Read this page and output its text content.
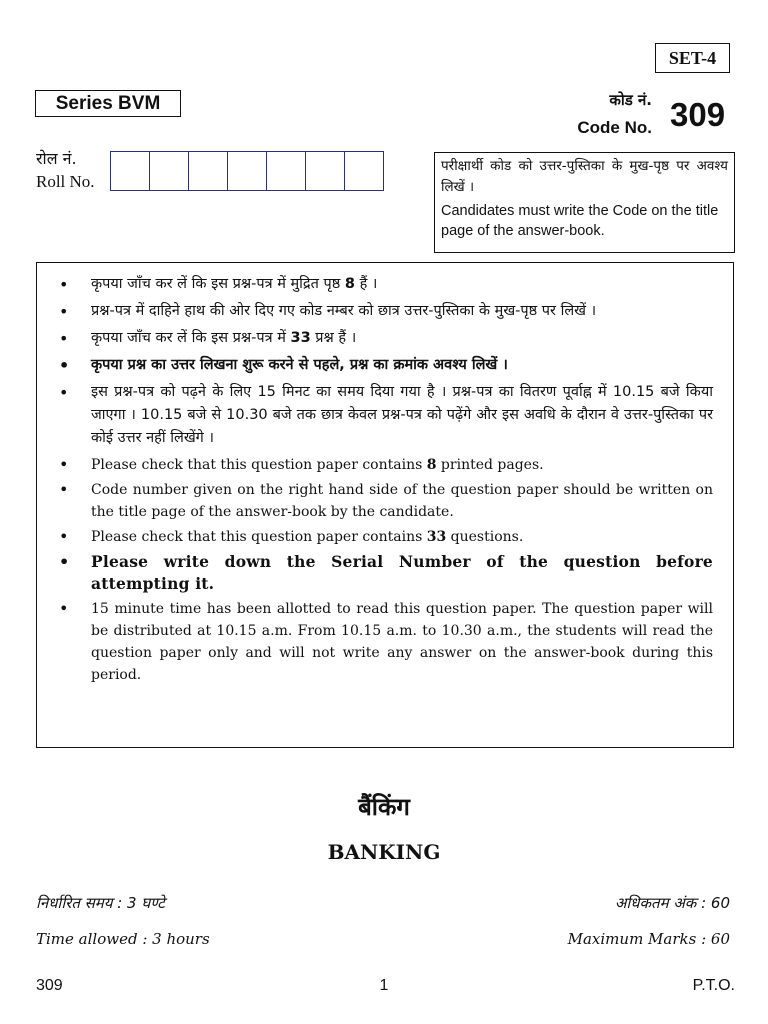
SET-4
Series BVM	कोड नं.
Code No. 309
रोल नं.
Roll No.
परीक्षार्थी कोड को उत्तर-पुस्तिका के मुख-पृष्ठ पर अवश्य लिखें ।
Candidates must write the Code on the title page of the answer-book.
• कृपया जाँच कर लें कि इस प्रश्न-पत्र में मुद्रित पृष्ठ 8 हैं ।
• प्रश्न-पत्र में दाहिने हाथ की ओर दिए गए कोड नम्बर को छात्र उत्तर-पुस्तिका के मुख-पृष्ठ पर लिखें ।
• कृपया जाँच कर लें कि इस प्रश्न-पत्र में 33 प्रश्न हैं ।
• कृपया प्रश्न का उत्तर लिखना शुरू करने से पहले, प्रश्न का क्रमांक अवश्य लिखें ।
• इस प्रश्न-पत्र को पढ़ने के लिए 15 मिनट का समय दिया गया है । प्रश्न-पत्र का वितरण पूर्वाह्न में 10.15 बजे किया जाएगा । 10.15 बजे से 10.30 बजे तक छात्र केवल प्रश्न-पत्र को पढ़ेंगे और इस अवधि के दौरान वे उत्तर-पुस्तिका पर कोई उत्तर नहीं लिखेंगे ।
• Please check that this question paper contains 8 printed pages.
• Code number given on the right hand side of the question paper should be written on the title page of the answer-book by the candidate.
• Please check that this question paper contains 33 questions.
• Please write down the Serial Number of the question before attempting it.
• 15 minute time has been allotted to read this question paper. The question paper will be distributed at 10.15 a.m. From 10.15 a.m. to 10.30 a.m., the students will read the question paper only and will not write any answer on the answer-book during this period.
बैंकिंग
BANKING
निर्धारित समय : 3 घण्टे	अधिकतम अंक : 60
Time allowed : 3 hours	Maximum Marks : 60
309	1	P.T.O.
